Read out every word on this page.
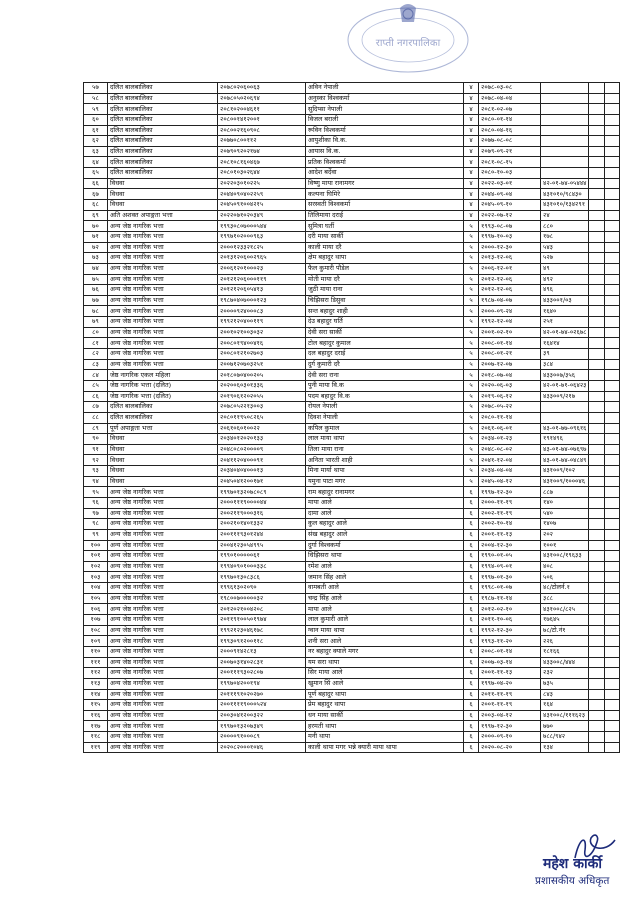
राप्ती नगरपालिका
५७	दलित बालबालिका	२०७८०२०६००६३	अविन नेपाली	४	२०७८-०३-०८			
५८	दलित बालबालिका	२०७८०५०२०६९४	अनुस्का विश्वकर्मा	४	२०७८-०४-०४			
५९	दलित बालबालिका	२०८१०२००४६११	सुदिप्सा नेपाली	४	२०८१-०२-०७			
६०	दलित बालबालिका	२०८००१४१२००१	विजल बराली	४	२०८०-०१-१४			
६१	दलित बालबालिका	२०८००२१६०९०८	रूविन विश्वकर्मा	४	२०८०-०४-१६			
६२	दलित बालबालिका	२०७७०८००११२	आयुशीका वि.क.	४	२०७७-०८-०८			
६३	दलित बालबालिका	२०७९०९२०२१७४	आयास वि.क.	४	२०७९-०९-२१			
६४	दलित बालबालिका	२०८१०८१६०४६७	प्रतिक विश्वकर्मा	४	२०८१-०८-१५			
६५	दलित बालबालिका	२०८०१०३०२६४४	आदेश बर्देवा	४	२०८०-१०-०३			
६६	विधवा	२०२२०३०१०२२५	विष्णु माया रानामगर	४	२०२२-०३-०१	४२-०१-७४-०५४४४		
६७	विधवा	२०४४०९०४०२२५९	कल्पना घिमिरे	४	२०४४-०९-०४	४३१०१०/९८४३०		
६८	विधवा	२०४५०९१००४२१५	सरस्वती विश्वकर्मा	४	२०४५-०९-१०	४३१०१०/१३४२९१		
६९	अति अशक्त अपाङ्गता भत्ता	२०२२०७१०२०३४९	तिलिमाया दराई	४	२०२२-०७-१२	२४		
७०	अन्य जेष्ठ नागरिक भत्ता	१९९३०८०७०००५४४	सुमित्रा घर्ती	५	१९९३-०८-०७	८८०		
७१	अन्य जेष्ठ नागरिक भत्ता	१९९७१०२०००९६३	दरी माया सार्की	५	१९९७-१०-०३	१७८		
७२	अन्य जेष्ठ नागरिक भत्ता	२०००१२३३२१८२५	काली माया दरै	५	२०००-१२-३०	५४३		
७३	अन्य जेष्ठ नागरिक भत्ता	२०१३१२०६००२९६५	क्षेम बहादुर थापा	५	२०१३-१२-०६	५२७		
७४	अन्य जेष्ठ नागरिक भत्ता	२००६१२०१०००२३	फैल कुमारी पौडेल	५	२००६-१२-०१	४९		
७५	अन्य जेष्ठ नागरिक भत्ता	२०१२१२०६०००११९	मोती माया दरै	५	२०१२-१२-०६	४९२		
७६	अन्य जेष्ठ नागरिक भत्ता	२०१२१२०६०५४१३	जुठी माया राना	५	२०१२-१२-०६	४९६		
७७	अन्य जेष्ठ नागरिक भत्ता	१९८७०४०७०००१२३	चिझिसरा डिसुवा	५	१९८७-०४-०७	४३३००१/०३		
७८	अन्य जेष्ठ नागरिक भत्ता	२००००९२४०००८३	सन्त बहादुर शाही	५	२०००-०९-२४	१६४०		
७९	अन्य जेष्ठ नागरिक भत्ता	१९९२१२०४००११९	देउ बहादुर घर्ति	५	१९९२-१२-०४	२५१		
८०	अन्य जेष्ठ नागरिक भत्ता	२००१०२१००३०३२	देवी सरा सार्की	५	२००१-०२-१०	४२-०१-७४-०२६७८		
८१	अन्य जेष्ठ नागरिक भत्ता	२००८०१९४००४१६	टोल बहादुर कुमाल	५	२००८-०१-१४	१६४१४		
८२	अन्य जेष्ठ नागरिक भत्ता	२००८०१२१०२७०३	दल बहादुर दराई	५	२००८-०१-२१	३९		
८३	अन्य जेष्ठ नागरिक भत्ता	२००७१२०७०३२५१	दुर्ग कुमारी दरै	५	२००७-१२-०७	३८४		
८४	जेष्ठ नागरिक एकल महिला	२०१८०७०४००२०५	देवी सरा राना	५	२०१८-०७-०४	४३३००७/३५६		
८५	जेष्ठ नागरिक भत्ता (दलित)	२०२००६०३०१३३६	पुनी माया वि.क	५	२०२०-०६-०३	४२-०१-७१-०६४२३		
८६	जेष्ठ नागरिक भत्ता (दलित)	२०१९०६१२०२०५५	पदम बहादुर वि.क	५	२०१९-०६-१२	४३३००९/२१७		
८७	दलित बालबालिका	२०७८०५२२१३००३	रोयल नेपाली	५	२०७८-०५-२२			
८८	दलित बालबालिका	२०८०११९५०८२६५	दिवश नेपाली	५	२०८०-११-१४			
८९	पूर्ण अपाङ्गता भत्ता	२०६१०६०१००२२	कपिल कुमाल	५	२०६१-०६-०१	४३-०१-७७-०९६१६		
९०	विधवा	२०३४०१२०२०१३३	लाल माया थापा	५	२०३४-०१-२३	१९१४९६		
९१	विधवा	२०४८०८०२००००९	तिला माया राना	५	२०४८-०८-०२	४३-०१-७४-०७६९७		
९२	विधवा	२०४११२०४०००९१	अनिता भारती शाही	५	२०४१-१२-०४	४३-०१-७४-०४८४९		
९३	विधवा	२०३४०४०४०००१३	मिना मार्या थापा	५	२०३४-०४-०४	४३१००९/१०२		
९४	विधवा	२०४५०४१२००१७१	यमुना पाटा मगर	५	२०४५-०४-१२	४३१००९/१०००४६		
९५	अन्य जेष्ठ नागरिक भत्ता	१९९७०१३२०७८०८९	राम बहादुर रानामगर	६	१९९७-१२-३०	८८७		
९६	अन्य जेष्ठ नागरिक भत्ता	२०००१११९००००४४	माया आले	६	२०००-११-१९	१४०		
९७	अन्य जेष्ठ नागरिक भत्ता	२००२११९०००३१६	दामा आले	६	२००२-११-१९	५४०		
९८	अन्य जेष्ठ नागरिक भत्ता	२००२१०१४०१३३२	कुल बहादुर आले	६	२००२-१०-१४	१४०७		
९९	अन्य जेष्ठ नागरिक भत्ता	२००१११९३०१२४४	संख बहादुर आले	६	२००१-११-१३	२०२		
१००	अन्य जेष्ठ नागरिक भत्ता	२००४१२३०५४९९५	दुर्गा विश्वकर्मा	६	२००४-१२-३०	१००१		
१०१	अन्य जेष्ठ नागरिक भत्ता	१९९०१०००००६१	धिझिसरा थापा	६	१९९०-०१-०५	४३१००८/१९६३३		
१०२	अन्य जेष्ठ नागरिक भत्ता	१९९४०९०१०००३३८	रमेश आले	६	१९९४-०९-०१	४०८		
१०३	अन्य जेष्ठ नागरिक भत्ता	१९९७०१३०८३८६	जमान सिंह आले	६	१९९७-०१-३०	५०६		
१०४	अन्य जेष्ठ नागरिक भत्ता	१९९६१३०२०९०	वामबती आले	६	१९९८-०१-०७	४८/टोलर्न.१		
१०५	अन्य जेष्ठ नागरिक भत्ता	१९८००७०००००३२	चन्द्र सिंह आले	६	१९८७-११-१४	३८८		
१०६	अन्य जेष्ठ नागरिक भत्ता	२०१२०२१००४२०८	माया आले	६	२०१२-०२-१०	४३१००८/८२५		
१०७	अन्य जेष्ठ नागरिक भत्ता	२०११९१००५०१९७४	लाल कुमारी आले	६	२०११-१०-०६	१७६४५		
१०८	अन्य जेष्ठ नागरिक भत्ता	१९९२१२३०४६१७८	ग्वान माया थापा	६	१९९२-१२-३०	७८/टो.नं१		
१०९	अन्य जेष्ठ नागरिक भत्ता	१९९३०९१२००११८	शनी सरा आले	६	१९९३-११-२०	२२६		
११०	अन्य जेष्ठ नागरिक भत्ता	२०००९१४२८१३	नर बहादुर क्याले मगर	६	२००८-०१-१४	१८१६६		
१११	अन्य जेष्ठ नागरिक भत्ता	२००७०३१४०२८३१	यम सरा थापा	६	२००७-०३-१४	४३३००८/४४४		
११२	अन्य जेष्ठ नागरिक भत्ता	२००१११९३०२८०७	सिर माया आले	६	२००१-११-१३	२३२		
११३	अन्य जेष्ठ नागरिक भत्ता	१९९७०४२००१९४	खुमान सिं आले	६	१९९७-०४-२०	७३५		
११४	अन्य जेष्ठ नागरिक भत्ता	२०१११९१०२०२७०	पूर्ण बहादुर थापा	६	२०११-११-१९	८४३		
११५	अन्य जेष्ठ नागरिक भत्ता	२००११११९०००५२४	प्रेम बहादुर थापा	६	२००१-११-१९	१६४		
११६	अन्य जेष्ठ नागरिक भत्ता	२००३०४१२००३२२	धन माया सार्की	६	२००३-०४-१२	४३१००८/१११६२३		
११७	अन्य जेष्ठ नागरिक भत्ता	१९९७०१३२०७३४९	हरमती थापा	६	१९९७-१२-३०	७७०		
११८	अन्य जेष्ठ नागरिक भत्ता	२००००९१०००८९	मनी थापा	६	२०००-०९-१०	७८८/९४२		
११९	अन्य जेष्ठ नागरिक भत्ता	२०२०८२०००१०४६	काली थापा मगर भन्ने क्यारी माया थापा	६	२०२०-०८-२०	१३४		
महेश कार्की
प्रशासकीय अधिकृत
